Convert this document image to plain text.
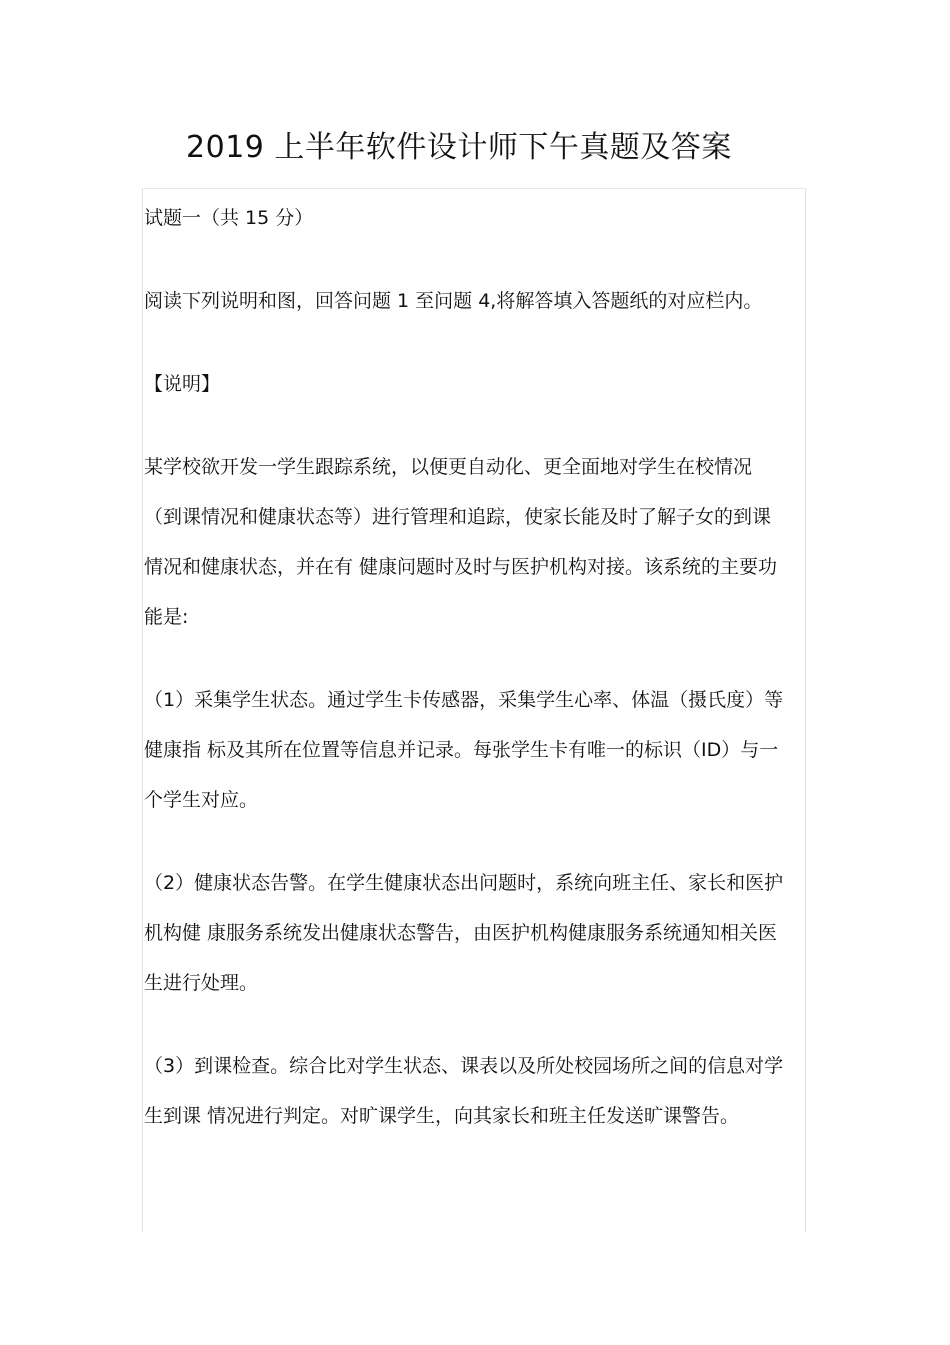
2019 上半年软件设计师下午真题及答案

试题一（共 15 分）

阅读下列说明和图，回答问题 1 至问题 4,将解答填入答题纸的对应栏内。

【说明】

某学校欲开发一学生跟踪系统，以便更自动化、更全面地对学生在校情况（到课情况和健康状态等）进行管理和追踪，使家长能及时了解子女的到课情况和健康状态，并在有 健康问题时及时与医护机构对接。该系统的主要功能是:

（1）采集学生状态。通过学生卡传感器，采集学生心率、体温（摄氏度）等健康指 标及其所在位置等信息并记录。每张学生卡有唯一的标识（ID）与一个学生对应。

（2）健康状态告警。在学生健康状态出问题时，系统向班主任、家长和医护机构健 康服务系统发出健康状态警告，由医护机构健康服务系统通知相关医生进行处理。

（3）到课检查。综合比对学生状态、课表以及所处校园场所之间的信息对学生到课 情况进行判定。对旷课学生，向其家长和班主任发送旷课警告。
